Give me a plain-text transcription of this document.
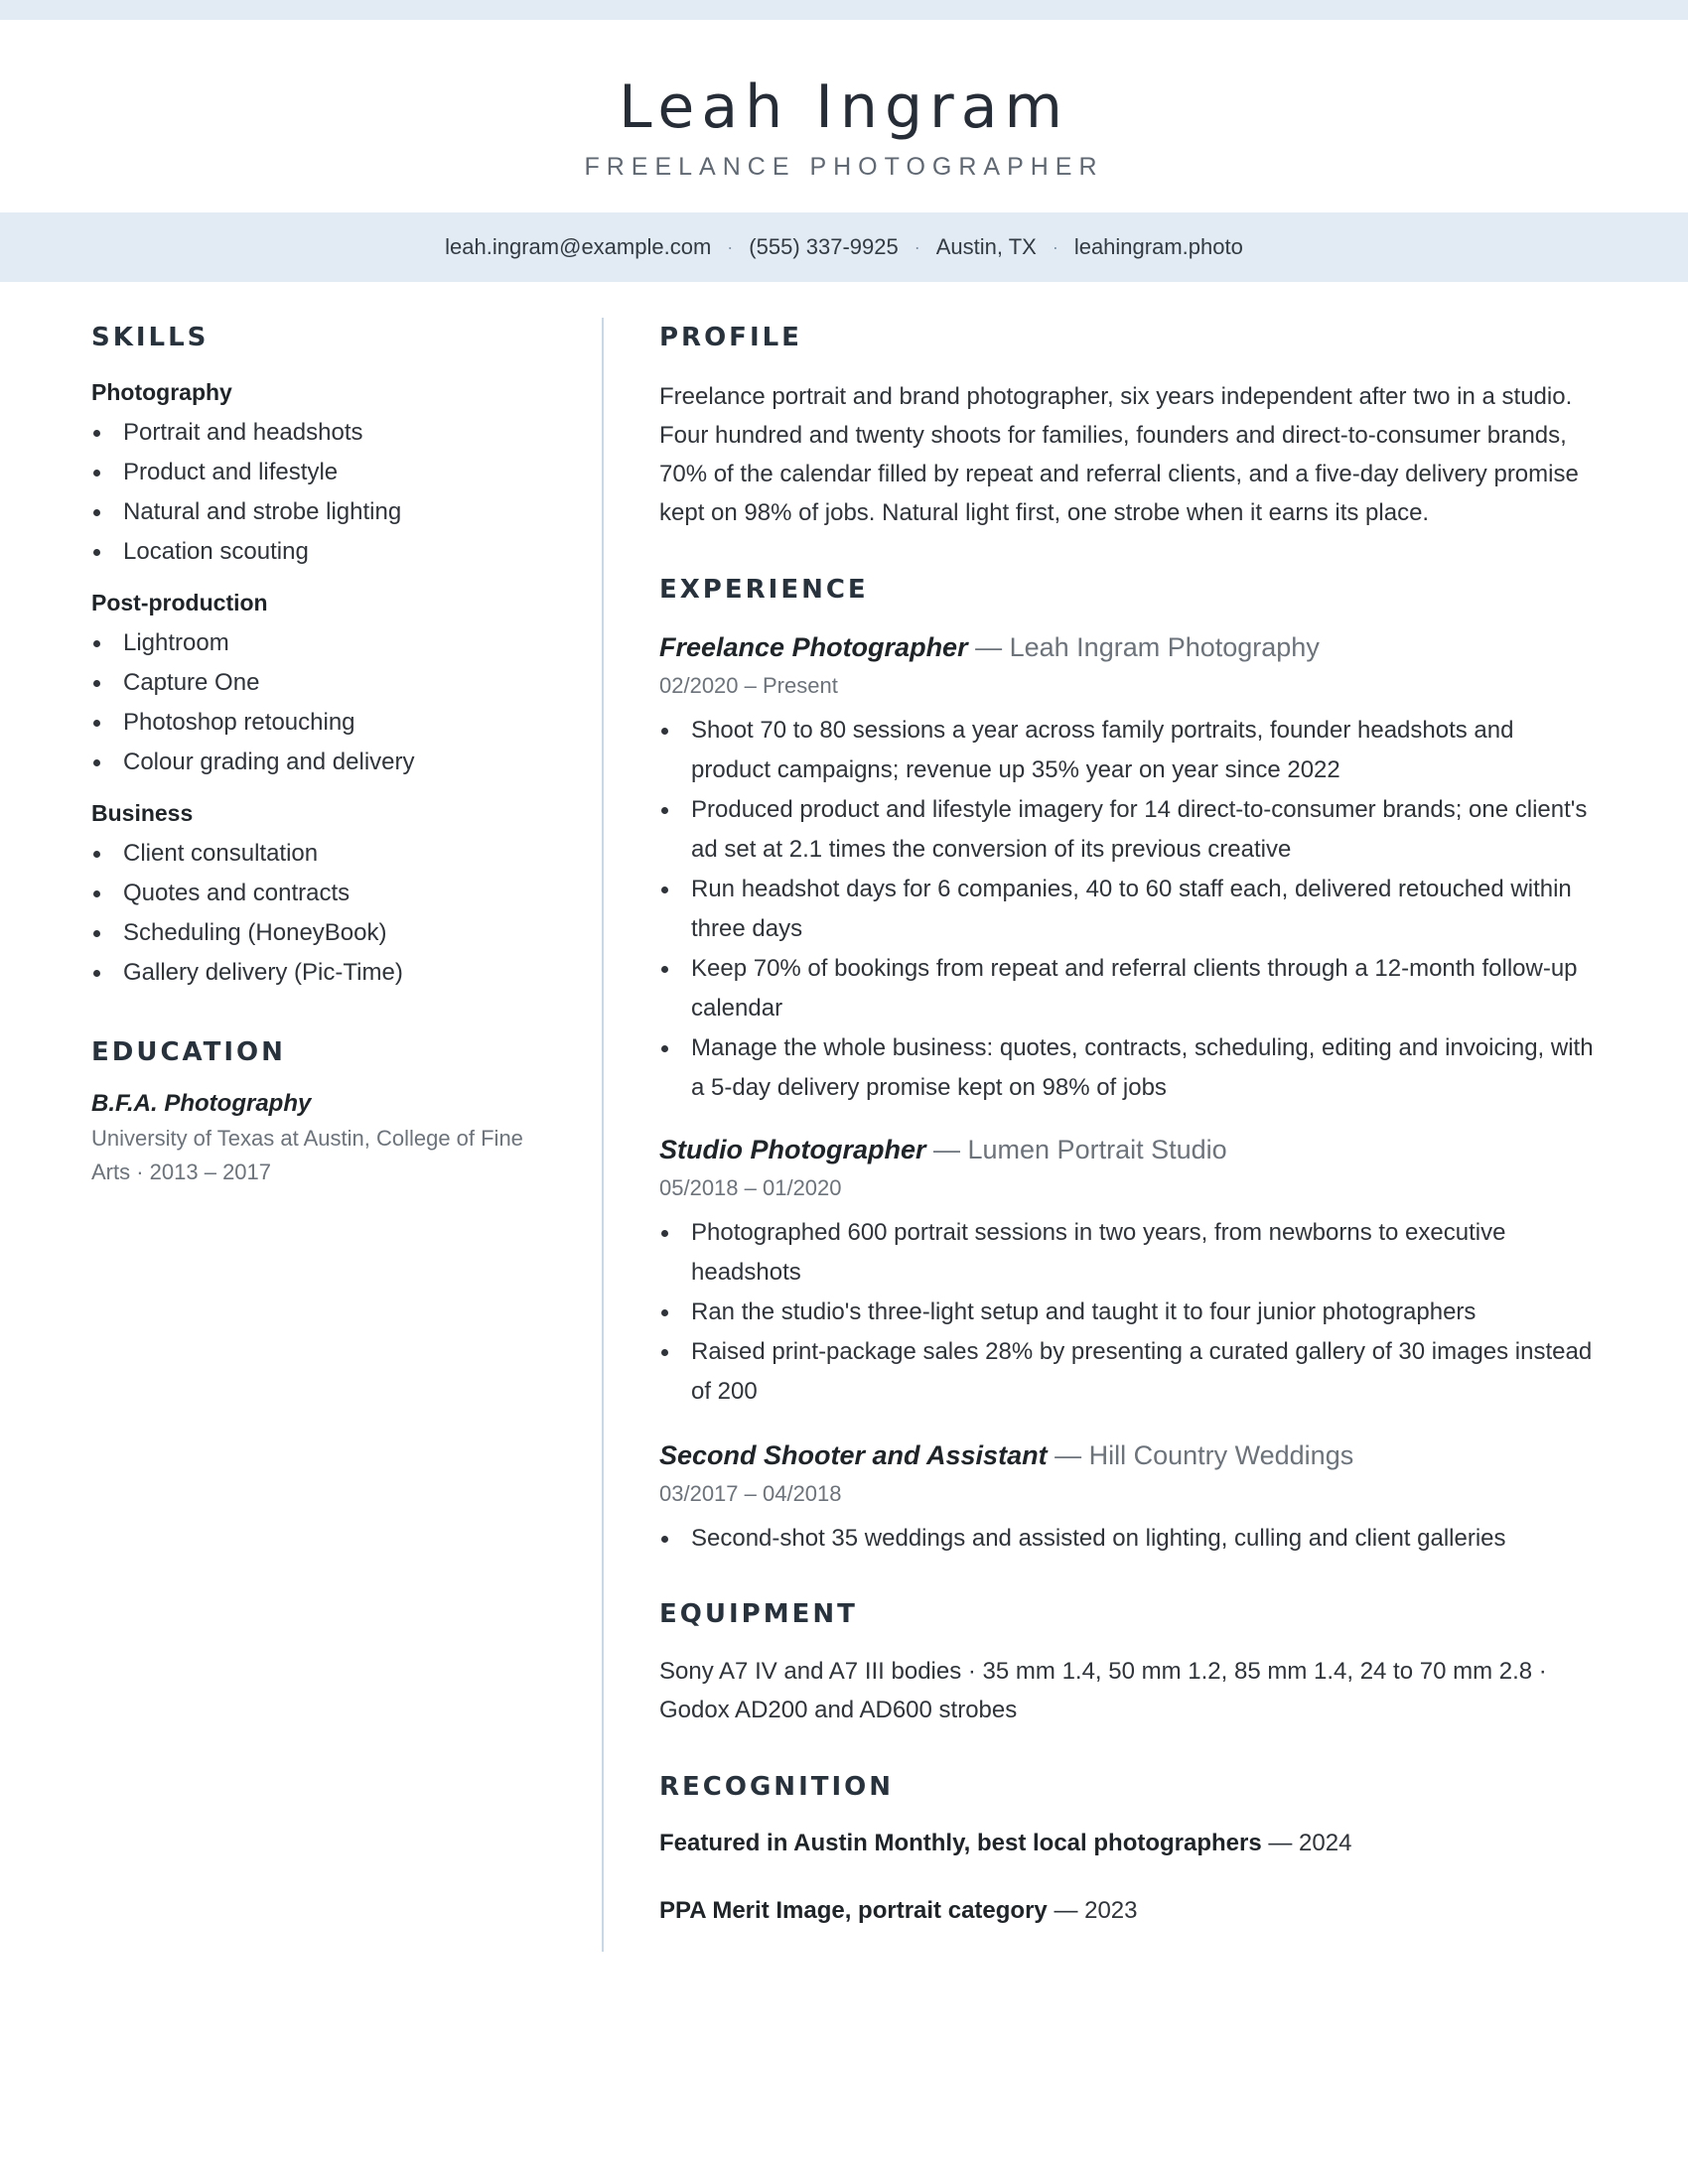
Leah Ingram
FREELANCE PHOTOGRAPHER
leah.ingram@example.com · (555) 337-9925 · Austin, TX · leahingram.photo
SKILLS
Photography
Portrait and headshots
Product and lifestyle
Natural and strobe lighting
Location scouting
Post-production
Lightroom
Capture One
Photoshop retouching
Colour grading and delivery
Business
Client consultation
Quotes and contracts
Scheduling (HoneyBook)
Gallery delivery (Pic-Time)
EDUCATION
B.F.A. Photography
University of Texas at Austin, College of Fine Arts · 2013 – 2017
PROFILE
Freelance portrait and brand photographer, six years independent after two in a studio. Four hundred and twenty shoots for families, founders and direct-to-consumer brands, 70% of the calendar filled by repeat and referral clients, and a five-day delivery promise kept on 98% of jobs. Natural light first, one strobe when it earns its place.
EXPERIENCE
Freelance Photographer — Leah Ingram Photography
02/2020 – Present
Shoot 70 to 80 sessions a year across family portraits, founder headshots and product campaigns; revenue up 35% year on year since 2022
Produced product and lifestyle imagery for 14 direct-to-consumer brands; one client's ad set at 2.1 times the conversion of its previous creative
Run headshot days for 6 companies, 40 to 60 staff each, delivered retouched within three days
Keep 70% of bookings from repeat and referral clients through a 12-month follow-up calendar
Manage the whole business: quotes, contracts, scheduling, editing and invoicing, with a 5-day delivery promise kept on 98% of jobs
Studio Photographer — Lumen Portrait Studio
05/2018 – 01/2020
Photographed 600 portrait sessions in two years, from newborns to executive headshots
Ran the studio's three-light setup and taught it to four junior photographers
Raised print-package sales 28% by presenting a curated gallery of 30 images instead of 200
Second Shooter and Assistant — Hill Country Weddings
03/2017 – 04/2018
Second-shot 35 weddings and assisted on lighting, culling and client galleries
EQUIPMENT
Sony A7 IV and A7 III bodies · 35 mm 1.4, 50 mm 1.2, 85 mm 1.4, 24 to 70 mm 2.8 · Godox AD200 and AD600 strobes
RECOGNITION
Featured in Austin Monthly, best local photographers — 2024
PPA Merit Image, portrait category — 2023
